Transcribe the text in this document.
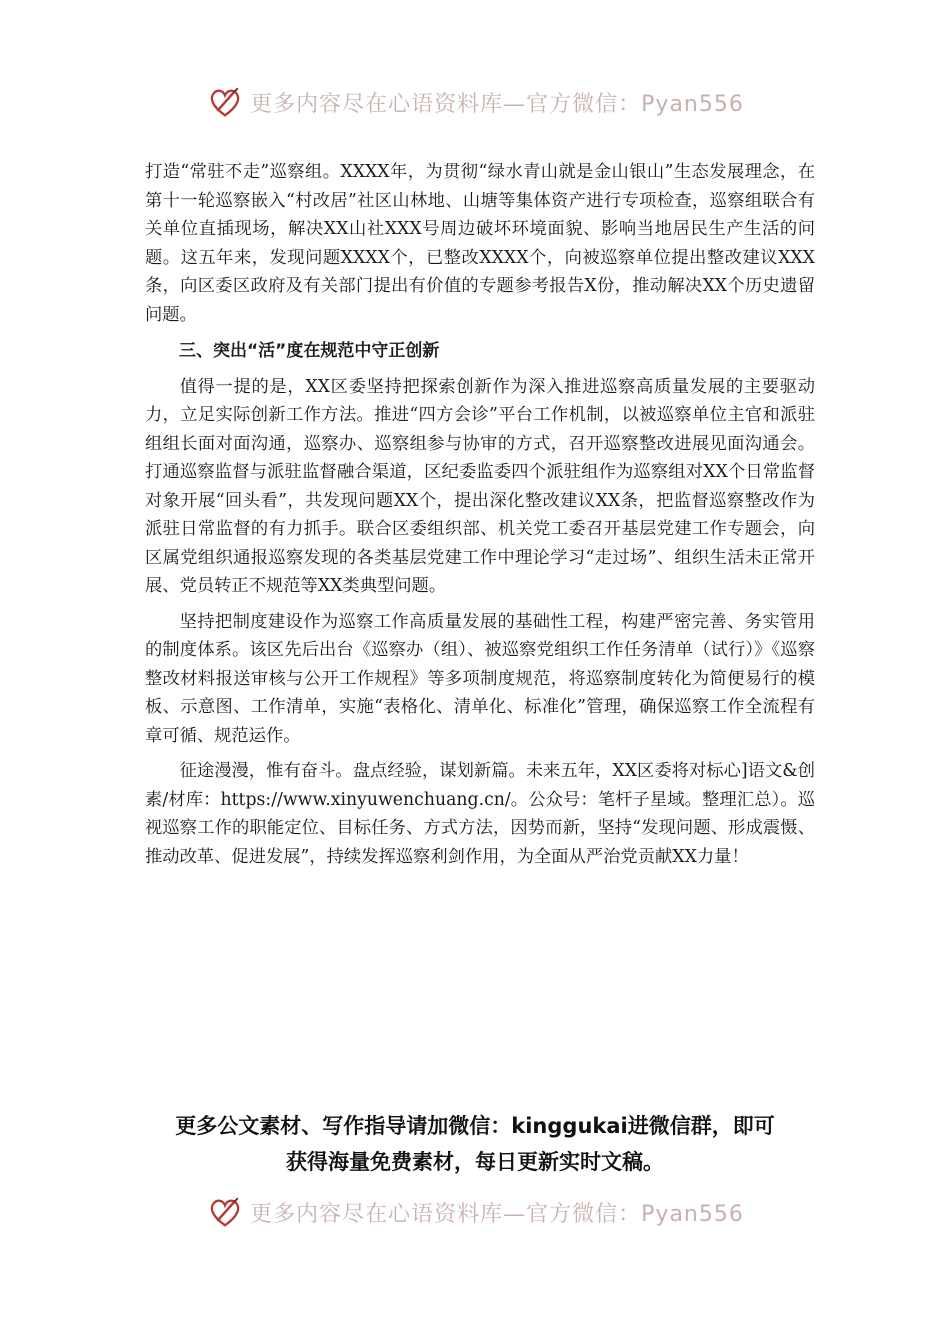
更多内容尽在心语资料库—官方微信：Pyan556

打造“常驻不走”巡察组。XXXX年，为贯彻“绿水青山就是金山银山”生态发展理念，在第十一轮巡察嵌入“村改居”社区山林地、山塘等集体资产进行专项检查，巡察组联合有关单位直插现场，解决XX山社XXX号周边破坏环境面貌、影响当地居民生产生活的问题。这五年来，发现问题XXXX个，已整改XXXX个，向被巡察单位提出整改建议XXX条，向区委区政府及有关部门提出有价值的专题参考报告X份，推动解决XX个历史遗留问题。

三、突出“活”度在规范中守正创新

值得一提的是，XX区委坚持把探索创新作为深入推进巡察高质量发展的主要驱动力，立足实际创新工作方法。推进“四方会诊”平台工作机制，以被巡察单位主官和派驻组组长面对面沟通，巡察办、巡察组参与协审的方式，召开巡察整改进展见面沟通会。打通巡察监督与派驻监督融合渠道，区纪委监委四个派驻组作为巡察组对XX个日常监督对象开展“回头看”，共发现问题XX个，提出深化整改建议XX条，把监督巡察整改作为派驻日常监督的有力抓手。联合区委组织部、机关党工委召开基层党建工作专题会，向区属党组织通报巡察发现的各类基层党建工作中理论学习“走过场”、组织生活未正常开展、党员转正不规范等XX类典型问题。

坚持把制度建设作为巡察工作高质量发展的基础性工程，构建严密完善、务实管用的制度体系。该区先后出台《巡察办（组）、被巡察党组织工作任务清单（试行）》《巡察整改材料报送审核与公开工作规程》等多项制度规范，将巡察制度转化为简便易行的模板、示意图、工作清单，实施“表格化、清单化、标准化”管理，确保巡察工作全流程有章可循、规范运作。

征途漫漫，惟有奋斗。盘点经验，谋划新篇。未来五年，XX区委将对标心]语文&创素/材库：https://www.xinyuwenchuang.cn/。公众号：笔杆子星域。整理汇总）。巡视巡察工作的职能定位、目标任务、方式方法，因势而新，坚持“发现问题、形成震慑、推动改革、促进发展”，持续发挥巡察利剑作用，为全面从严治党贡献XX力量！

更多公文素材、写作指导请加微信：kinggukai进微信群，即可
获得海量免费素材，每日更新实时文稿。
更多内容尽在心语资料库—官方微信：Pyan556
